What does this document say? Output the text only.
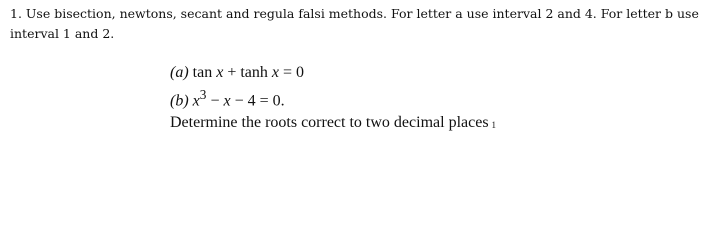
1. Use bisection, newtons, secant and regula falsi methods. For letter a use interval 2 and 4. For letter b use interval 1 and 2.

(a) tan x + tanh x = 0

(b) $x^3 - x - 4 = 0$.

Determine the roots correct to two decimal places 1
